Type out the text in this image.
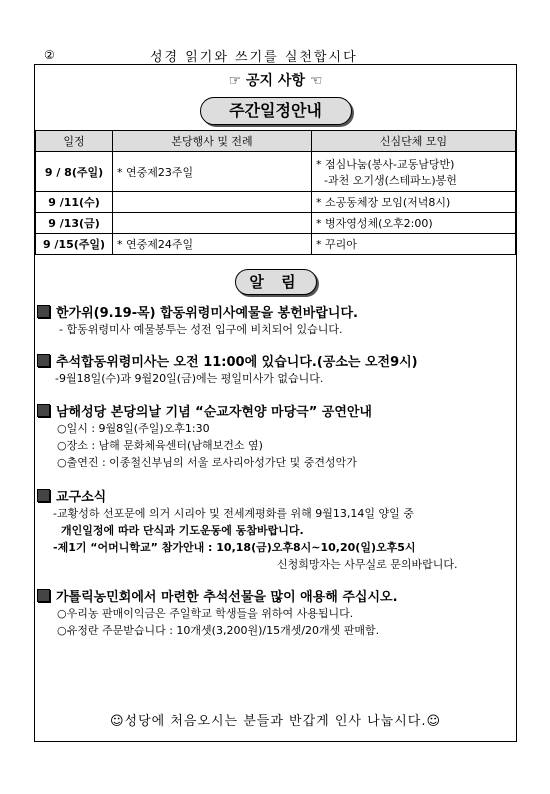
②	성경 읽기와 쓰기를 실천합시다
☞ 공지 사항 ☜
주간일정안내
일정	본당행사 및 전례	신심단체 모임
9 / 8(주일)	* 연중제23주일	* 점심나눔(봉사-교동남당반)
-과천 오기생(스테파노)봉헌

9 /11(수)		* 소공동체장 모임(저녁8시)
9 /13(금)		* 병자영성체(오후2:00)
9 /15(주일)	* 연중제24주일	* 꾸리아
알 림
한가위(9.19-목) 합동위령미사예물을 봉헌바랍니다.
- 합동위령미사 예물봉투는 성전 입구에 비치되어 있습니다.
추석합동위령미사는 오전 11:00에 있습니다.(공소는 오전9시)
-9월18일(수)과 9월20일(금)에는 평일미사가 없습니다.
남해성당 본당의날 기념 “순교자현양 마당극” 공연안내
○일시 : 9월8일(주일)오후1:30
○장소 : 남해 문화체육센터(남해보건소 옆)
○출연진 : 이종철신부님의 서울 로사리아성가단 및 중견성악가
교구소식
-교황성하 선포문에 의거 시리아 및 전세계평화를 위해 9월13,14일 양일 중
개인일정에 따라 단식과 기도운동에 동참바랍니다.
-제1기 “어머니학교” 참가안내 : 10,18(금)오후8시~10,20(일)오후5시
신청희망자는 사무실로 문의바랍니다.
가톨릭농민회에서 마련한 추석선물을 많이 애용해 주십시오.
○우리농 판매이익금은 주일학교 학생들을 위하여 사용됩니다.
○유정란 주문받습니다 : 10개셋(3,200원)/15개셋/20개셋 판매함.
☺성당에 처음오시는 분들과 반갑게 인사 나눕시다.☺
